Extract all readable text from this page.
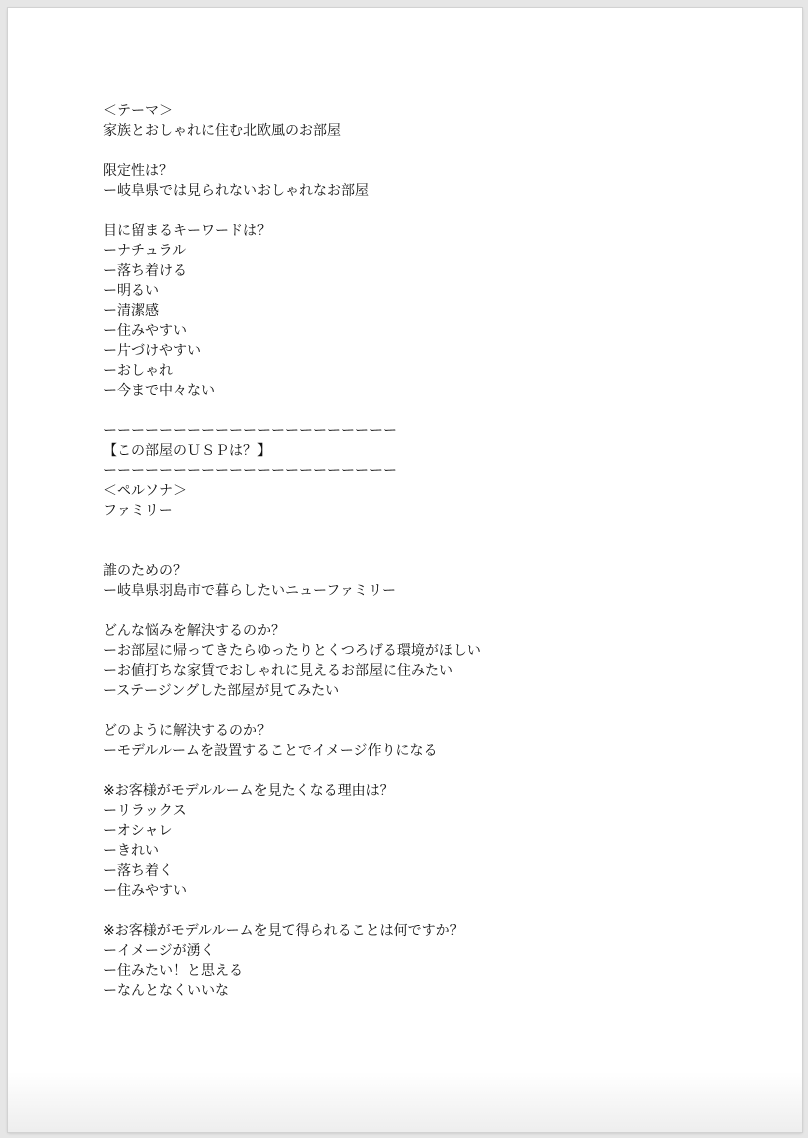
＜テーマ＞
家族とおしゃれに住む北欧風のお部屋
限定性は？
ー岐阜県では見られないおしゃれなお部屋
目に留まるキーワードは？
ーナチュラル
ー落ち着ける
ー明るい
ー清潔感
ー住みやすい
ー片づけやすい
ーおしゃれ
ー今まで中々ない
ーーーーーーーーーーーーーーーーーーーーー
【この部屋のＵＳＰは？】
ーーーーーーーーーーーーーーーーーーーーー
＜ペルソナ＞
ファミリー
誰のための？
ー岐阜県羽島市で暮らしたいニューファミリー
どんな悩みを解決するのか？
ーお部屋に帰ってきたらゆったりとくつろげる環境がほしい
ーお値打ちな家賃でおしゃれに見えるお部屋に住みたい
ーステージングした部屋が見てみたい
どのように解決するのか？
ーモデルルームを設置することでイメージ作りになる
※お客様がモデルルームを見たくなる理由は？
ーリラックス
ーオシャレ
ーきれい
ー落ち着く
ー住みやすい
※お客様がモデルルームを見て得られることは何ですか？
ーイメージが湧く
ー住みたい！と思える
ーなんとなくいいな
